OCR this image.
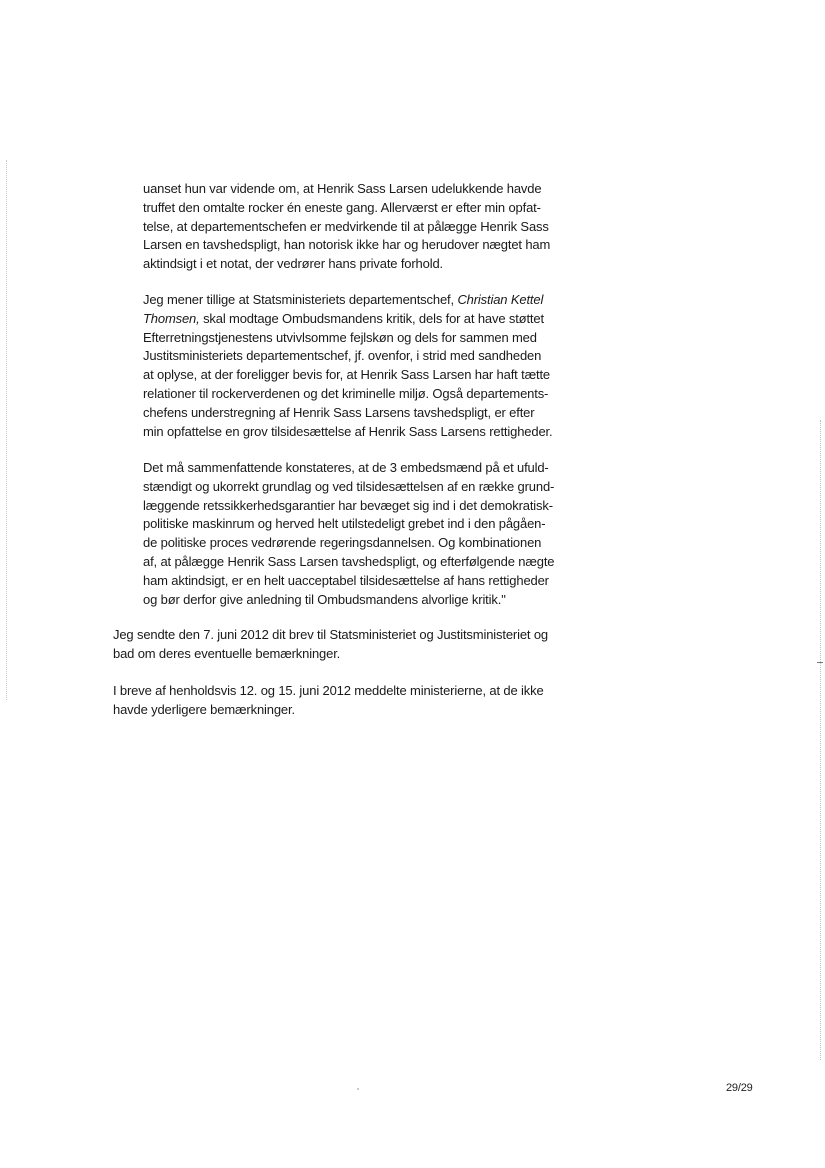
uanset hun var vidende om, at Henrik Sass Larsen udelukkende havde
truffet den omtalte rocker én eneste gang. Allerværst er efter min opfat-
telse, at departementschefen er medvirkende til at pålægge Henrik Sass
Larsen en tavshedspligt, han notorisk ikke har og herudover nægtet ham
aktindsigt i et notat, der vedrører hans private forhold.
Jeg mener tillige at Statsministeriets departementschef, Christian Kettel
Thomsen, skal modtage Ombudsmandens kritik, dels for at have støttet
Efterretningstjenestens utvivlsomme fejlskøn og dels for sammen med
Justitsministeriets departementschef, jf. ovenfor, i strid med sandheden
at oplyse, at der foreligger bevis for, at Henrik Sass Larsen har haft tætte
relationer til rockerverdenen og det kriminelle miljø. Også departements-
chefens understregning af Henrik Sass Larsens tavshedspligt, er efter
min opfattelse en grov tilsidesættelse af Henrik Sass Larsens rettigheder.
Det må sammenfattende konstateres, at de 3 embedsmænd på et ufuld-
stændigt og ukorrekt grundlag og ved tilsidesættelsen af en række grund-
læggende retssikkerhedsgarantier har bevæget sig ind i det demokratisk-
politiske maskinrum og herved helt utilstedeligt grebet ind i den pågåen-
de politiske proces vedrørende regeringsdannelsen. Og kombinationen
af, at pålægge Henrik Sass Larsen tavshedspligt, og efterfølgende nægte
ham aktindsigt, er en helt uacceptabel tilsidesættelse af hans rettigheder
og bør derfor give anledning til Ombudsmandens alvorlige kritik."
Jeg sendte den 7. juni 2012 dit brev til Statsministeriet og Justitsministeriet og
bad om deres eventuelle bemærkninger.
I breve af henholdsvis 12. og 15. juni 2012 meddelte ministerierne, at de ikke
havde yderligere bemærkninger.
29/29
